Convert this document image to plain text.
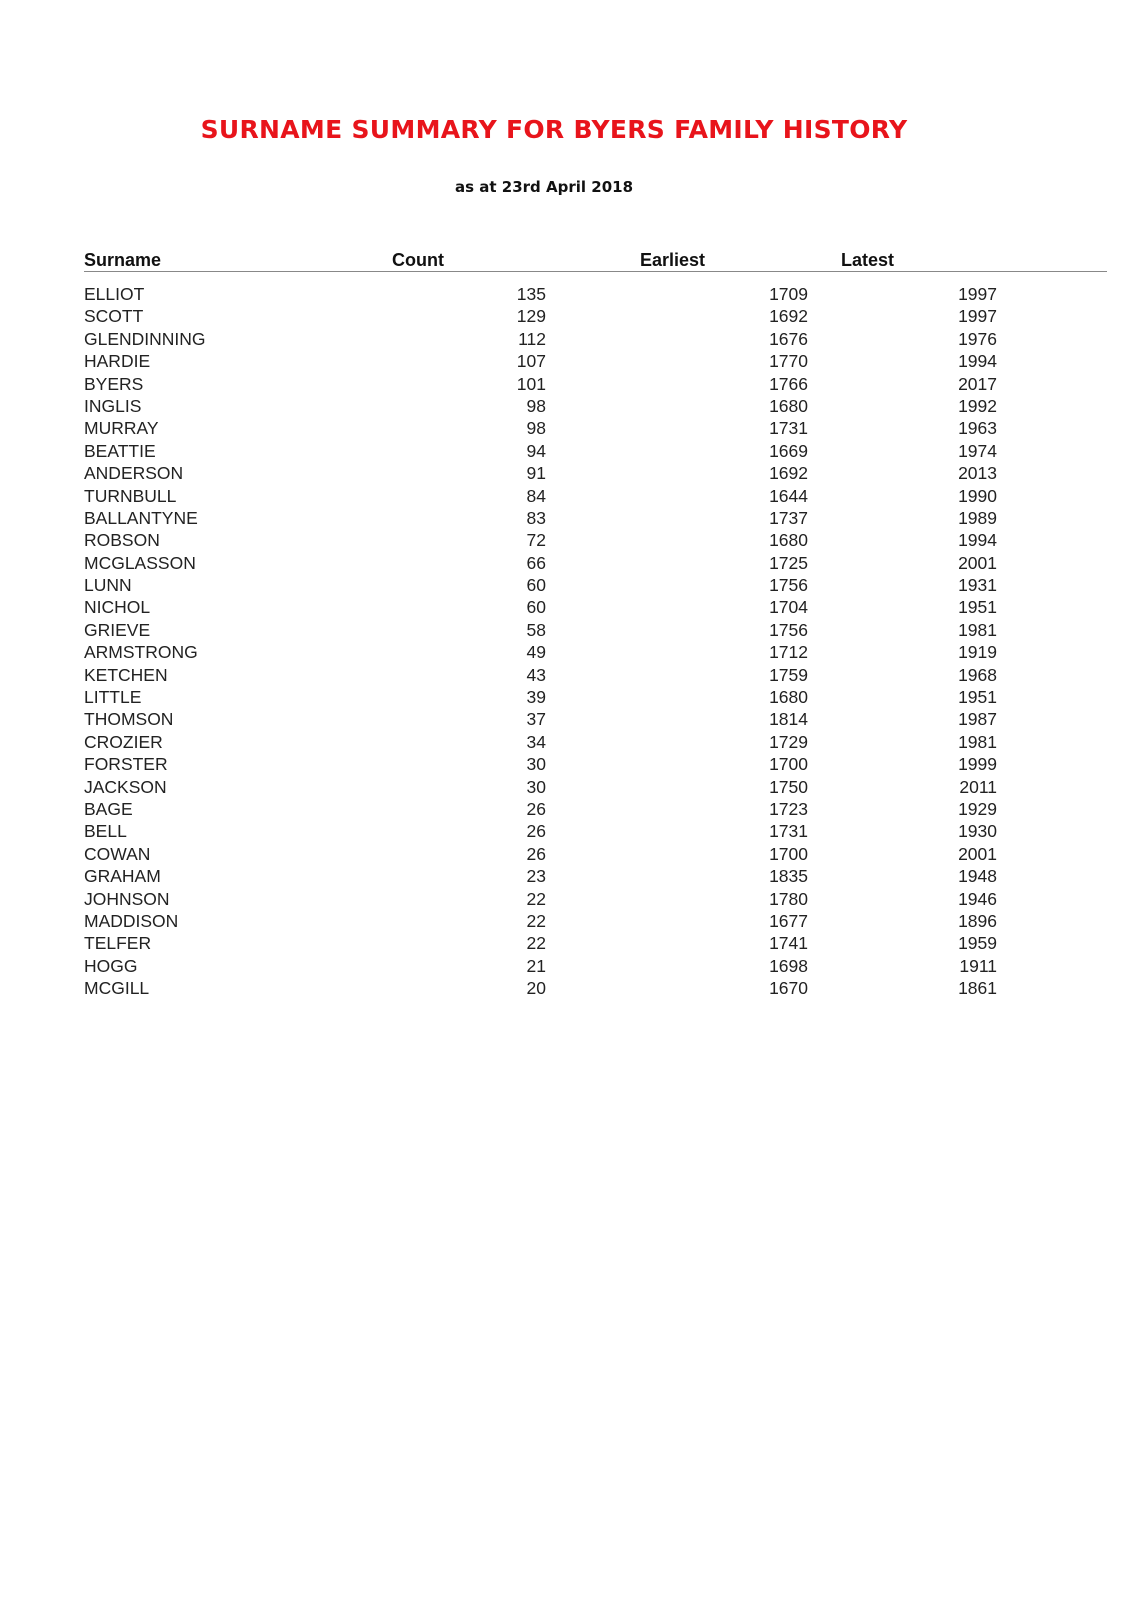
SURNAME SUMMARY FOR BYERS FAMILY HISTORY
as at 23rd April 2018
Surname	Count	Earliest	Latest
ELLIOT	135	1709	1997
SCOTT	129	1692	1997
GLENDINNING	112	1676	1976
HARDIE	107	1770	1994
BYERS	101	1766	2017
INGLIS	98	1680	1992
MURRAY	98	1731	1963
BEATTIE	94	1669	1974
ANDERSON	91	1692	2013
TURNBULL	84	1644	1990
BALLANTYNE	83	1737	1989
ROBSON	72	1680	1994
MCGLASSON	66	1725	2001
LUNN	60	1756	1931
NICHOL	60	1704	1951
GRIEVE	58	1756	1981
ARMSTRONG	49	1712	1919
KETCHEN	43	1759	1968
LITTLE	39	1680	1951
THOMSON	37	1814	1987
CROZIER	34	1729	1981
FORSTER	30	1700	1999
JACKSON	30	1750	2011
BAGE	26	1723	1929
BELL	26	1731	1930
COWAN	26	1700	2001
GRAHAM	23	1835	1948
JOHNSON	22	1780	1946
MADDISON	22	1677	1896
TELFER	22	1741	1959
HOGG	21	1698	1911
MCGILL	20	1670	1861
